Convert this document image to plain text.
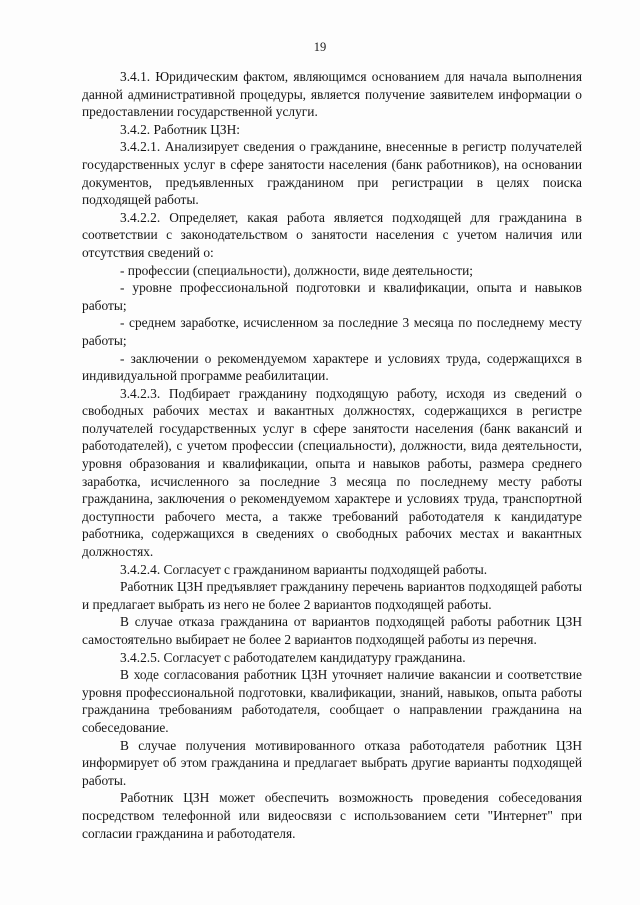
19

3.4.1. Юридическим фактом, являющимся основанием для начала выполнения данной административной процедуры, является получение заявителем информации о предоставлении государственной услуги.

3.4.2. Работник ЦЗН:

3.4.2.1. Анализирует сведения о гражданине, внесенные в регистр получателей государственных услуг в сфере занятости населения (банк работников), на основании документов, предъявленных гражданином при регистрации в целях поиска подходящей работы.

3.4.2.2. Определяет, какая работа является подходящей для гражданина в соответствии с законодательством о занятости населения с учетом наличия или отсутствия сведений о:

- профессии (специальности), должности, виде деятельности;

- уровне профессиональной подготовки и квалификации, опыта и навыков работы;

- среднем заработке, исчисленном за последние 3 месяца по последнему месту работы;

- заключении о рекомендуемом характере и условиях труда, содержащихся в индивидуальной программе реабилитации.

3.4.2.3. Подбирает гражданину подходящую работу, исходя из сведений о свободных рабочих местах и вакантных должностях, содержащихся в регистре получателей государственных услуг в сфере занятости населения (банк вакансий и работодателей), с учетом профессии (специальности), должности, вида деятельности, уровня образования и квалификации, опыта и навыков работы, размера среднего заработка, исчисленного за последние 3 месяца по последнему месту работы гражданина, заключения о рекомендуемом характере и условиях труда, транспортной доступности рабочего места, а также требований работодателя к кандидатуре работника, содержащихся в сведениях о свободных рабочих местах и вакантных должностях.

3.4.2.4. Согласует с гражданином варианты подходящей работы.

Работник ЦЗН предъявляет гражданину перечень вариантов подходящей работы и предлагает выбрать из него не более 2 вариантов подходящей работы.

В случае отказа гражданина от вариантов подходящей работы работник ЦЗН самостоятельно выбирает не более 2 вариантов подходящей работы из перечня.

3.4.2.5. Согласует с работодателем кандидатуру гражданина.

В ходе согласования работник ЦЗН уточняет наличие вакансии и соответствие уровня профессиональной подготовки, квалификации, знаний, навыков, опыта работы гражданина требованиям работодателя, сообщает о направлении гражданина на собеседование.

В случае получения мотивированного отказа работодателя работник ЦЗН информирует об этом гражданина и предлагает выбрать другие варианты подходящей работы.

Работник ЦЗН может обеспечить возможность проведения собеседования посредством телефонной или видеосвязи с использованием сети "Интернет" при согласии гражданина и работодателя.
